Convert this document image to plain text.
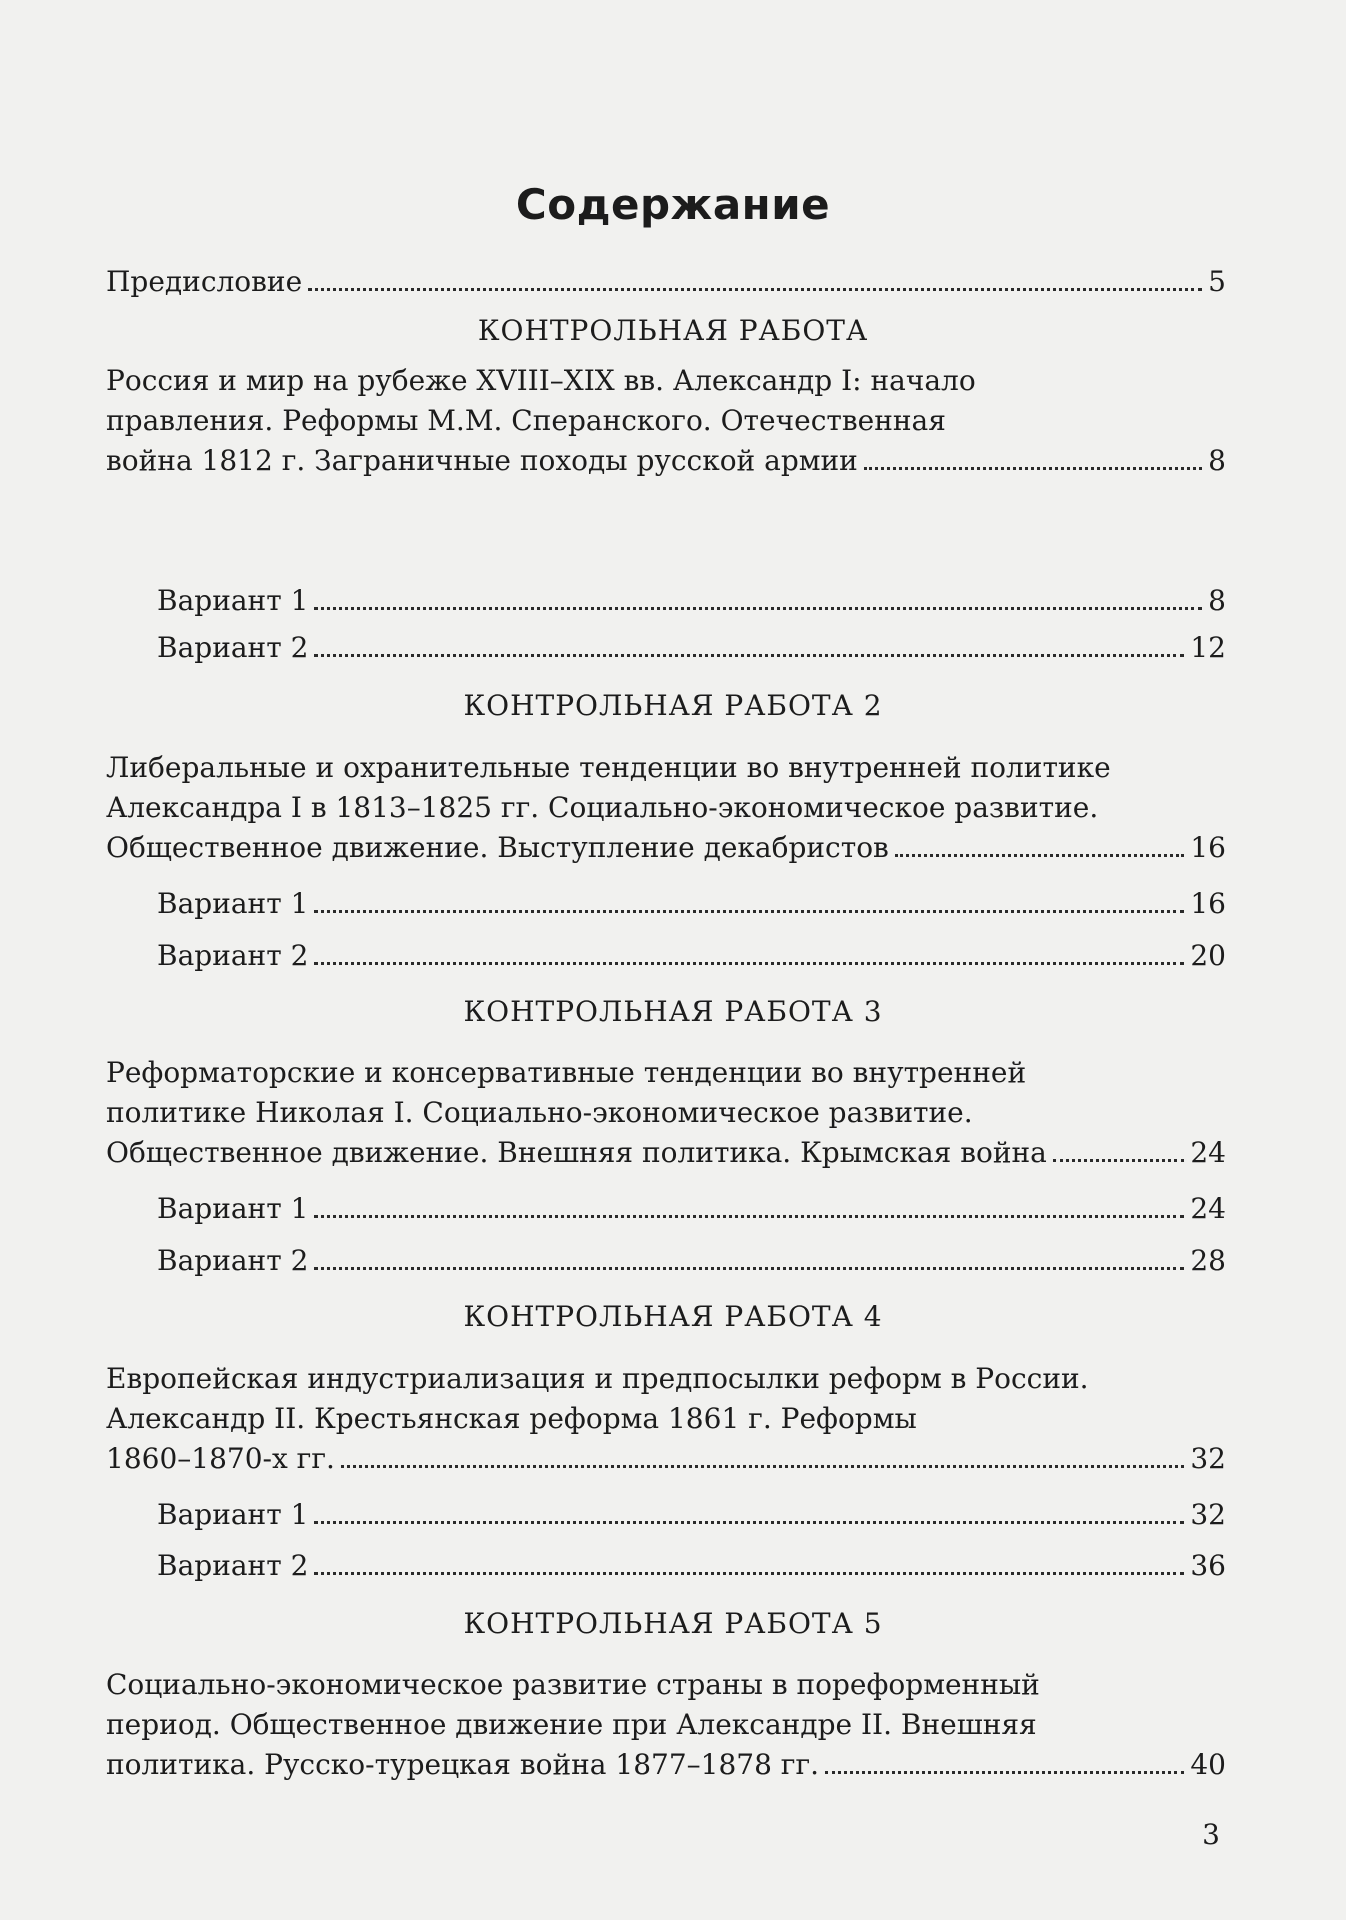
Содержание
Предисловие	5
КОНТРОЛЬНАЯ РАБОТА
Россия и мир на рубеже XVIII–XIX вв. Александр I: начало
правления. Реформы М.М. Сперанского. Отечественная
война 1812 г. Заграничные походы русской армии	8
Вариант 1	8
Вариант 2	12
КОНТРОЛЬНАЯ РАБОТА 2
Либеральные и охранительные тенденции во внутренней политике
Александра I в 1813–1825 гг. Социально-экономическое развитие.
Общественное движение. Выступление декабристов	16
Вариант 1	16
Вариант 2	20
КОНТРОЛЬНАЯ РАБОТА 3
Реформаторские и консервативные тенденции во внутренней
политике Николая I. Социально-экономическое развитие.
Общественное движение. Внешняя политика. Крымская война	24
Вариант 1	24
Вариант 2	28
КОНТРОЛЬНАЯ РАБОТА 4
Европейская индустриализация и предпосылки реформ в России.
Александр II. Крестьянская реформа 1861 г. Реформы
1860–1870-х гг.	32
Вариант 1	32
Вариант 2	36
КОНТРОЛЬНАЯ РАБОТА 5
Социально-экономическое развитие страны в пореформенный
период. Общественное движение при Александре II. Внешняя
политика. Русско-турецкая война 1877–1878 гг.	40
3
